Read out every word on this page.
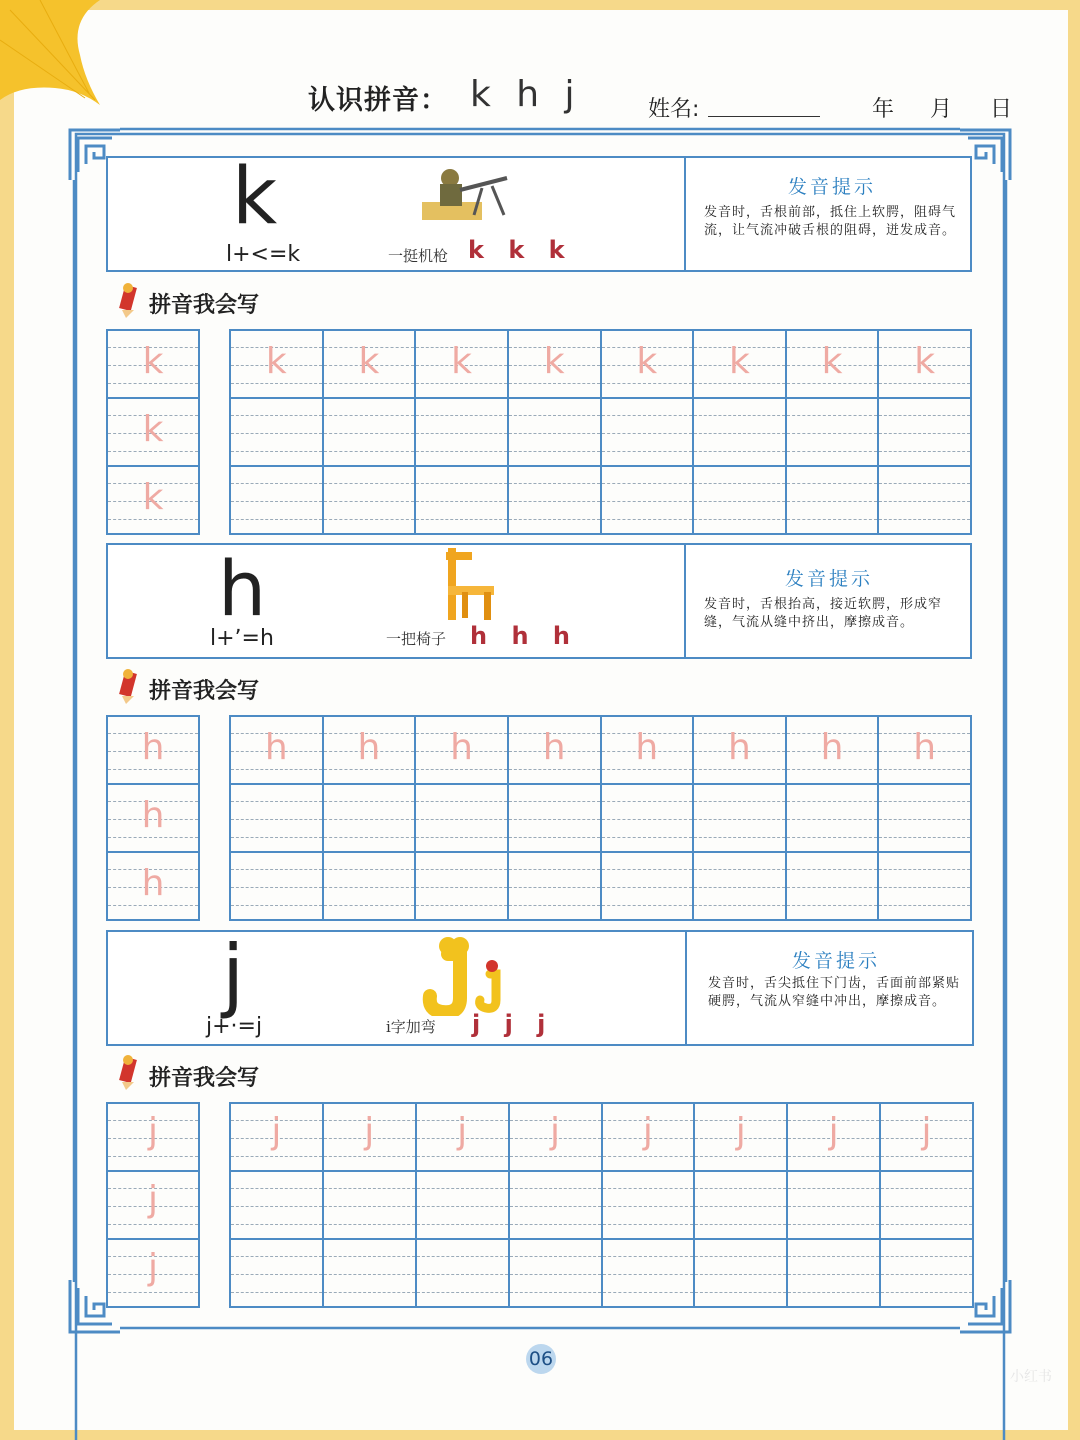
认识拼音： k h j	姓名:	年 月 日
k
l+<=k	一挺机枪 k k k
发音提示
发音时，舌根前部，抵住上软腭，阻碍气流，让气流冲破舌根的阻碍，迸发成音。
拼音我会写
k

k

k
k	k	k	k	k	k	k	k

h
l+ʼ=h	一把椅子 h h h
发音提示
发音时，舌根抬高，接近软腭，形成窄缝，气流从缝中挤出，摩擦成音。
拼音我会写
h

h

h
h	h	h	h	h	h	h	h

j
j+·=j	i字加弯 j j j
发音提示
发音时，舌尖抵住下门齿，舌面前部紧贴硬腭，气流从窄缝中冲出，摩擦成音。
拼音我会写
j

j

j
j	j	j	j	j	j	j	j

06
小红书
